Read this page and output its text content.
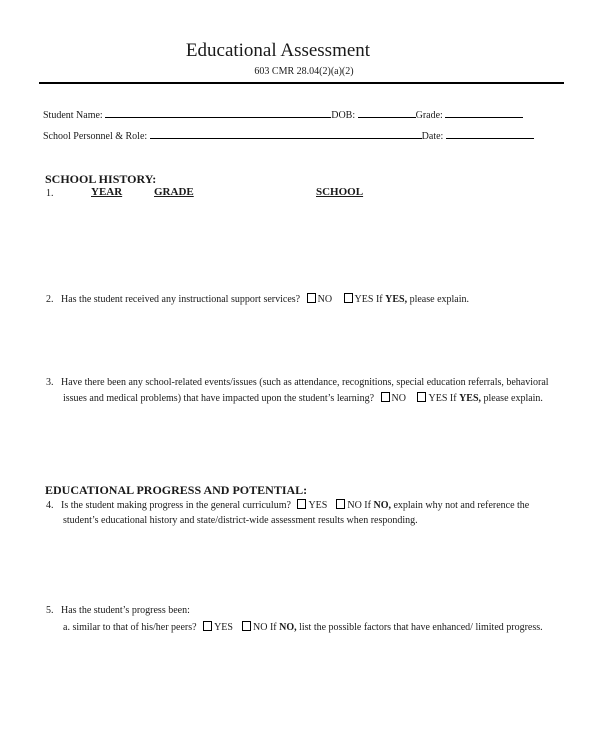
Educational Assessment
603 CMR 28.04(2)(a)(2)
Student Name:	DOB:	Grade:
School Personnel & Role:	Date:
SCHOOL HISTORY:
1.	YEAR	GRADE	SCHOOL
2. Has the student received any instructional support services? NO YES If YES, please explain.
3. Have there been any school-related events/issues (such as attendance, recognitions, special education referrals, behavioral
issues and medical problems) that have impacted upon the student’s learning? NO YES If YES, please explain.
EDUCATIONAL PROGRESS AND POTENTIAL:
4. Is the student making progress in the general curriculum? YES NO If NO, explain why not and reference the
student’s educational history and state/district-wide assessment results when responding.
5. Has the student’s progress been:
a. similar to that of his/her peers? YES NO If NO, list the possible factors that have enhanced/ limited progress.
